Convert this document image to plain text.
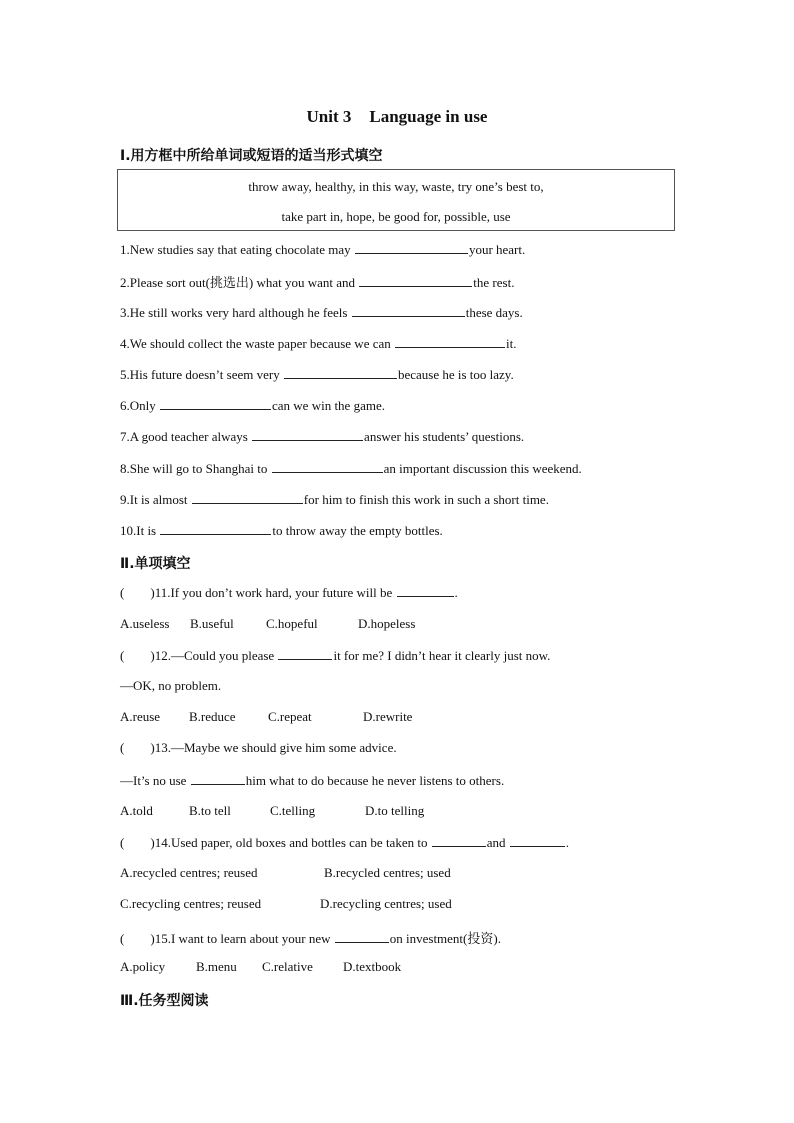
Unit 3 Language in use
Ⅰ.用方框中所给单词或短语的适当形式填空
throw away, healthy, in this way, waste, try one’s best to,
take part in, hope, be good for, possible, use
1.New studies say that eating chocolate may	your heart.
2.Please sort out(挑选出) what you want and	the rest.
3.He still works very hard although he feels	these days.
4.We should collect the waste paper because we can	it.
5.His future doesn’t seem very	because he is too lazy.
6.Only	can we win the game.
7.A good teacher always	answer his students’ questions.
8.She will go to Shanghai to	an important discussion this weekend.
9.It is almost	for him to finish this work in such a short time.
10.It is	to throw away the empty bottles.
Ⅱ.单项填空
( )11.If you don’t work hard, your future will be	.
A.useless B.useful C.hopeful	D.hopeless
( )12.—Could you please	it for me? I didn’t hear it clearly just now.
—OK, no problem.
A.reuse B.reduce C.repeat	D.rewrite
( )13.—Maybe we should give him some advice.
—It’s no use	him what to do because he never listens to others.
A.told	B.to tell	C.telling	D.to telling
( )14.Used paper, old boxes and bottles can be taken to	and	.
A.recycled centres; reused	B.recycled centres; used
C.recycling centres; reused	D.recycling centres; used
( )15.I want to learn about your new	on investment(投资).
A.policy B.menu C.relative D.textbook
Ⅲ.任务型阅读
